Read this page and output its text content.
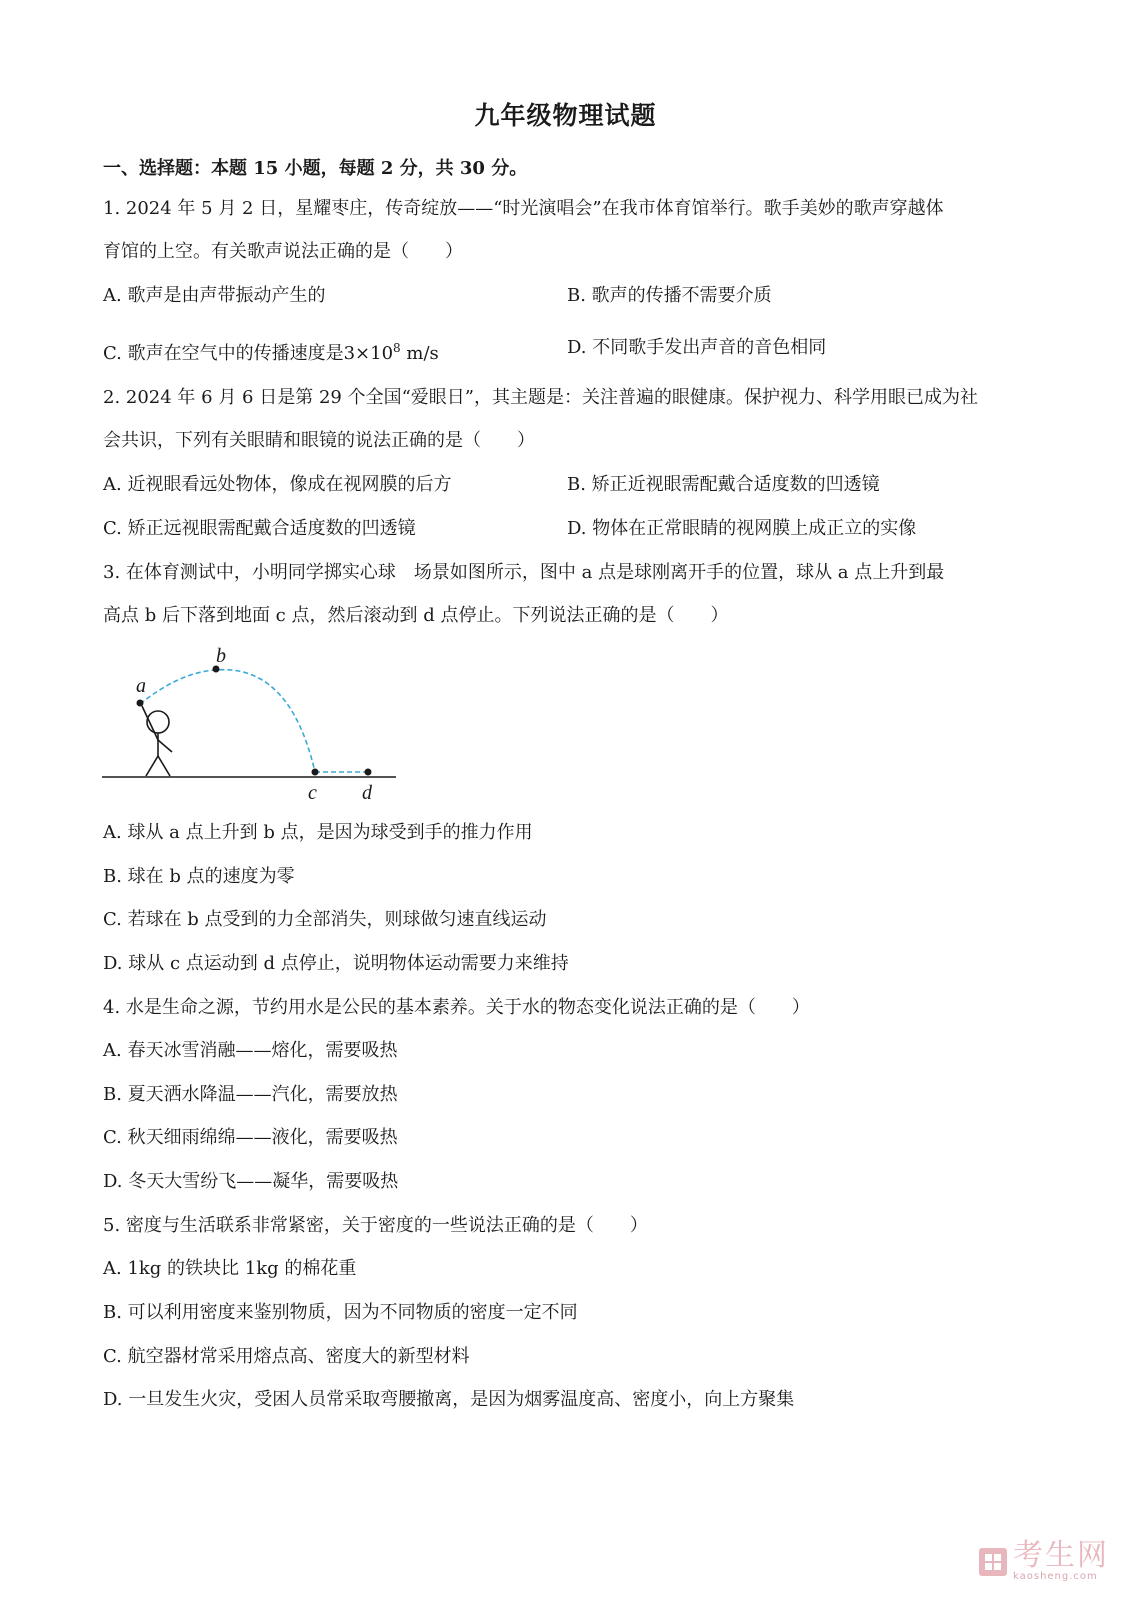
九年级物理试题
一、选择题：本题 15 小题，每题 2 分，共 30 分。
1. 2024 年 5 月 2 日，星耀枣庄，传奇绽放——“时光演唱会”在我市体育馆举行。歌手美妙的歌声穿越体
育馆的上空。有关歌声说法正确的是（　　）
A. 歌声是由声带振动产生的	B. 歌声的传播不需要介质
C. 歌声在空气中的传播速度是$3\times 10^8$ m/s	D. 不同歌手发出声音的音色相同
2. 2024 年 6 月 6 日是第 29 个全国“爱眼日”，其主题是：关注普遍的眼健康。保护视力、科学用眼已成为社
会共识，下列有关眼睛和眼镜的说法正确的是（　　）
A. 近视眼看远处物体，像成在视网膜的后方	B. 矫正近视眼需配戴合适度数的凹透镜
C. 矫正远视眼需配戴合适度数的凹透镜	D. 物体在正常眼睛的视网膜上成正立的实像
3. 在体育测试中，小明同学掷实心球　场景如图所示，图中 a 点是球刚离开手的位置，球从 a 点上升到最
高点 b 后下落到地面 c 点，然后滚动到 d 点停止。下列说法正确的是（　　）
a
b
c d
A. 球从 a 点上升到 b 点，是因为球受到手的推力作用
B. 球在 b 点的速度为零
C. 若球在 b 点受到的力全部消失，则球做匀速直线运动
D. 球从 c 点运动到 d 点停止，说明物体运动需要力来维持
4. 水是生命之源，节约用水是公民的基本素养。关于水的物态变化说法正确的是（　　）
A. 春天冰雪消融——熔化，需要吸热
B. 夏天洒水降温——汽化，需要放热
C. 秋天细雨绵绵——液化，需要吸热
D. 冬天大雪纷飞——凝华，需要吸热
5. 密度与生活联系非常紧密，关于密度的一些说法正确的是（　　）
A. 1kg 的铁块比 1kg 的棉花重
B. 可以利用密度来鉴别物质，因为不同物质的密度一定不同
C. 航空器材常采用熔点高、密度大的新型材料
D. 一旦发生火灾，受困人员常采取弯腰撤离，是因为烟雾温度高、密度小，向上方聚集
考生网
kaosheng.com
